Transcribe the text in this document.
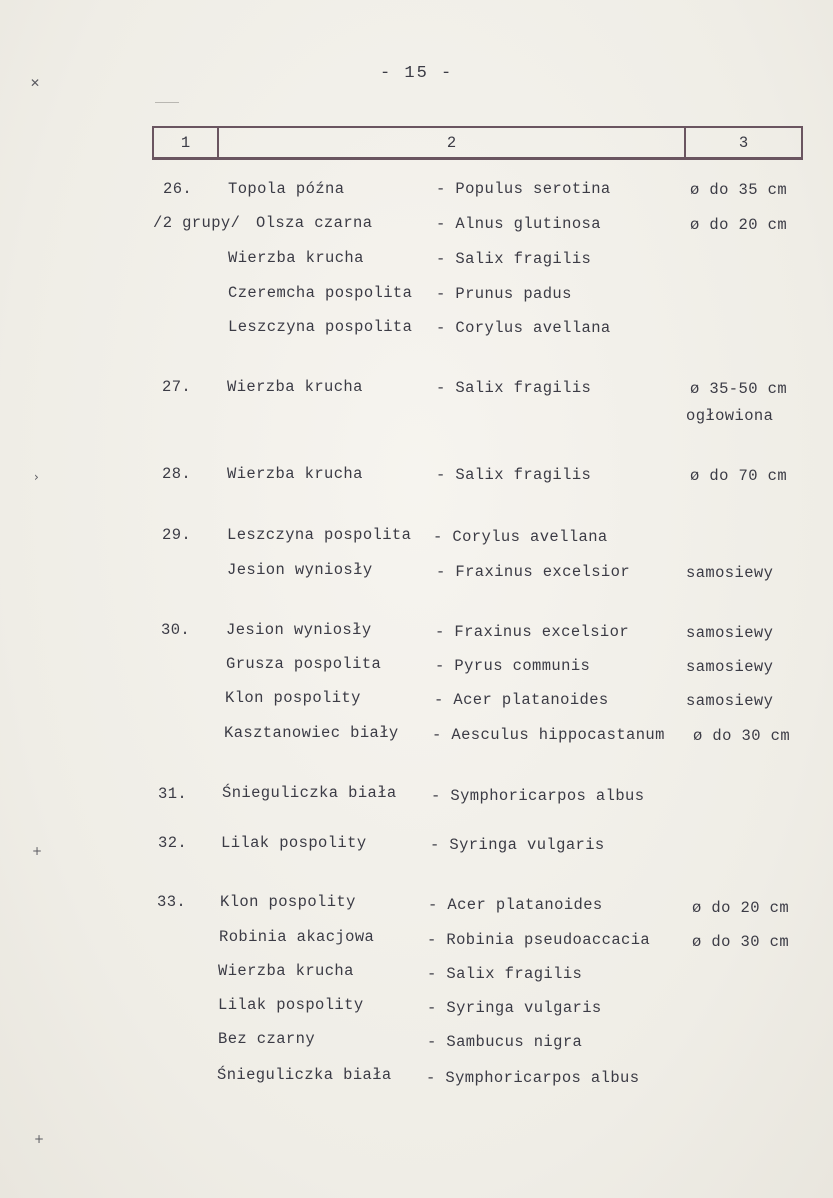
- 15 -
1	2	3
26. Topola późna	- Populus serotina	ø do 35 cm
/2 grupy/ Olsza czarna	- Alnus glutinosa	ø do 20 cm
Wierzba krucha	- Salix fragilis
Czeremcha pospolita - Prunus padus
Leszczyna pospolita - Corylus avellana
27. Wierzba krucha	- Salix fragilis	ø 35-50 cm
ogłowiona
28. Wierzba krucha	- Salix fragilis	ø do 70 cm
29. Leszczyna pospolita - Corylus avellana
Jesion wyniosły	- Fraxinus excelsior	samosiewy
30. Jesion wyniosły	- Fraxinus excelsior	samosiewy
Grusza pospolita	- Pyrus communis	samosiewy
Klon pospolity	- Acer platanoides	samosiewy
Kasztanowiec biały - Aesculus hippocastanum ø do 30 cm
31. Śnieguliczka biała - Symphoricarpos albus
32. Lilak pospolity	- Syringa vulgaris
33. Klon pospolity	- Acer platanoides	ø do 20 cm
Robinia akacjowa	- Robinia pseudoaccacia	ø do 30 cm
Wierzba krucha	- Salix fragilis
Lilak pospolity	- Syringa vulgaris
Bez czarny	- Sambucus nigra
Śnieguliczka biała - Symphoricarpos albus
✕
›
+
+
